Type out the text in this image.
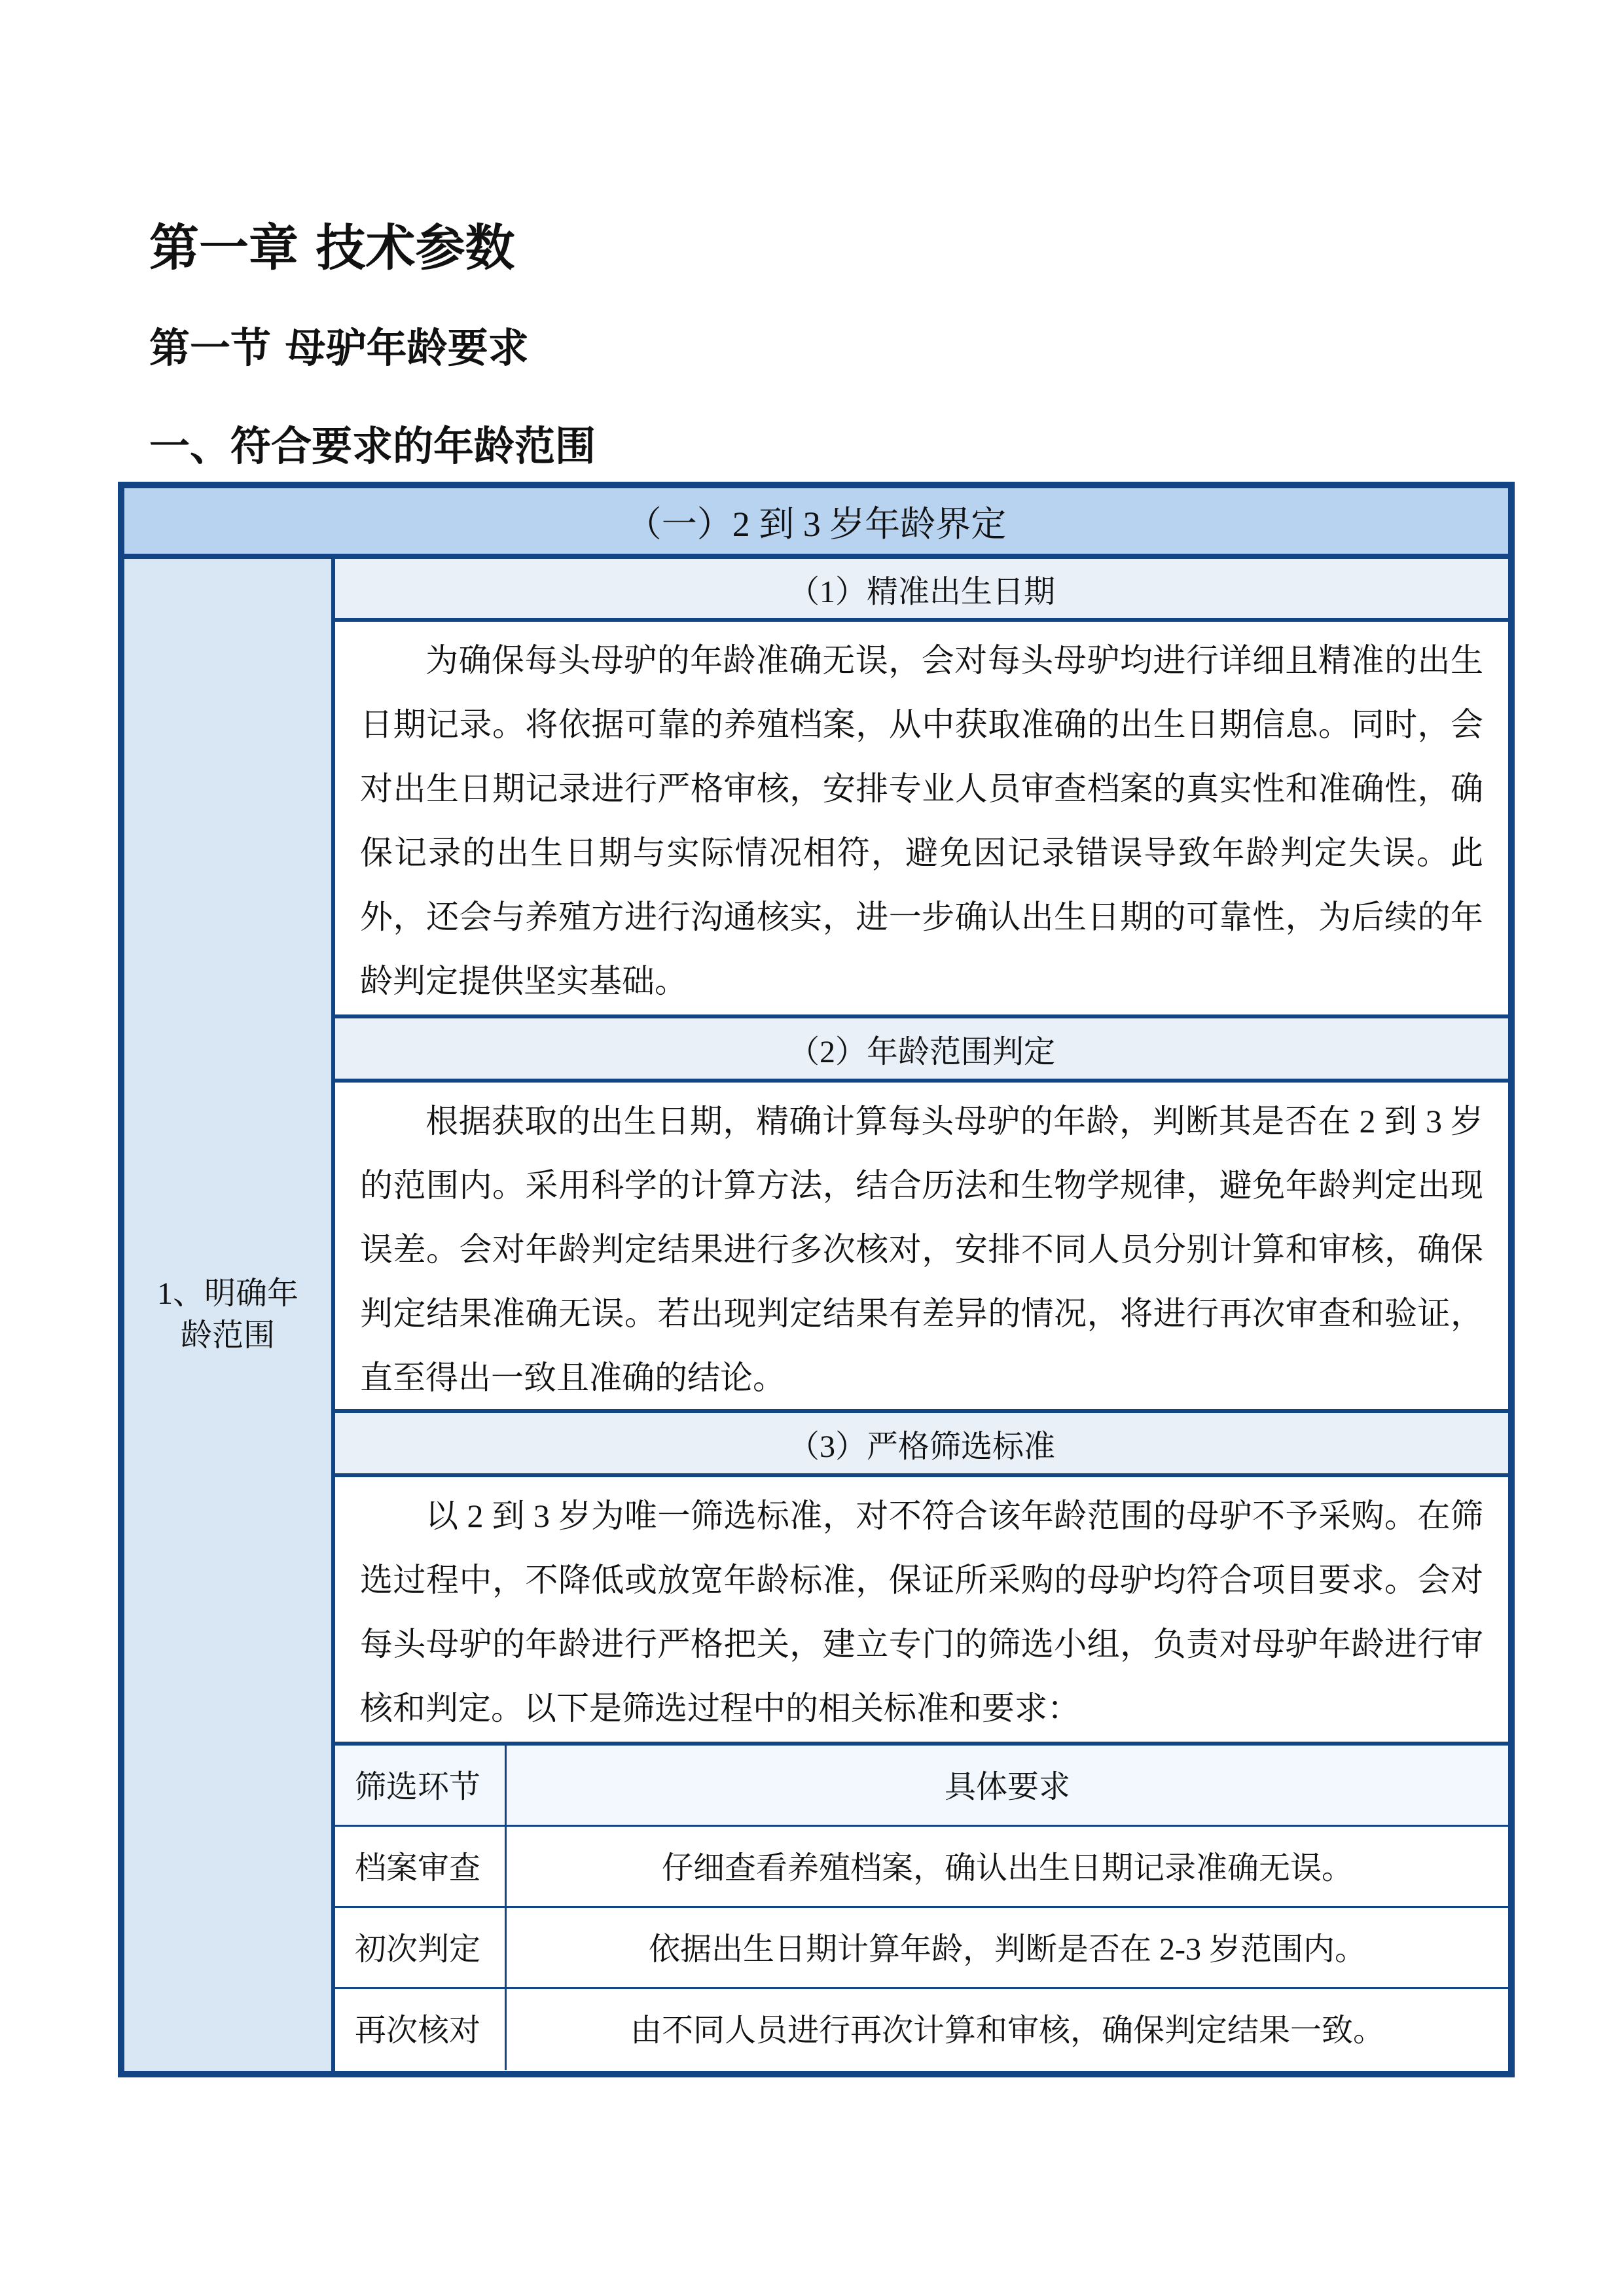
第一章 技术参数
第一节 母驴年龄要求
一、符合要求的年龄范围
（一）2 到 3 岁年龄界定
1、明确年龄范围
（1）精准出生日期
为确保每头母驴的年龄准确无误，会对每头母驴均进行详细且精准的出生日期记录。将依据可靠的养殖档案，从中获取准确的出生日期信息。同时，会对出生日期记录进行严格审核，安排专业人员审查档案的真实性和准确性，确保记录的出生日期与实际情况相符，避免因记录错误导致年龄判定失误。此外，还会与养殖方进行沟通核实，进一步确认出生日期的可靠性，为后续的年龄判定提供坚实基础。
（2）年龄范围判定
根据获取的出生日期，精确计算每头母驴的年龄，判断其是否在 2 到 3 岁的范围内。采用科学的计算方法，结合历法和生物学规律，避免年龄判定出现误差。会对年龄判定结果进行多次核对，安排不同人员分别计算和审核，确保判定结果准确无误。若出现判定结果有差异的情况，将进行再次审查和验证，直至得出一致且准确的结论。
（3）严格筛选标准
以 2 到 3 岁为唯一筛选标准，对不符合该年龄范围的母驴不予采购。在筛选过程中，不降低或放宽年龄标准，保证所采购的母驴均符合项目要求。会对每头母驴的年龄进行严格把关，建立专门的筛选小组，负责对母驴年龄进行审核和判定。以下是筛选过程中的相关标准和要求：
筛选环节	具体要求
档案审查	仔细查看养殖档案，确认出生日期记录准确无误。
初次判定	依据出生日期计算年龄，判断是否在 2-3 岁范围内。
再次核对	由不同人员进行再次计算和审核，确保判定结果一致。
